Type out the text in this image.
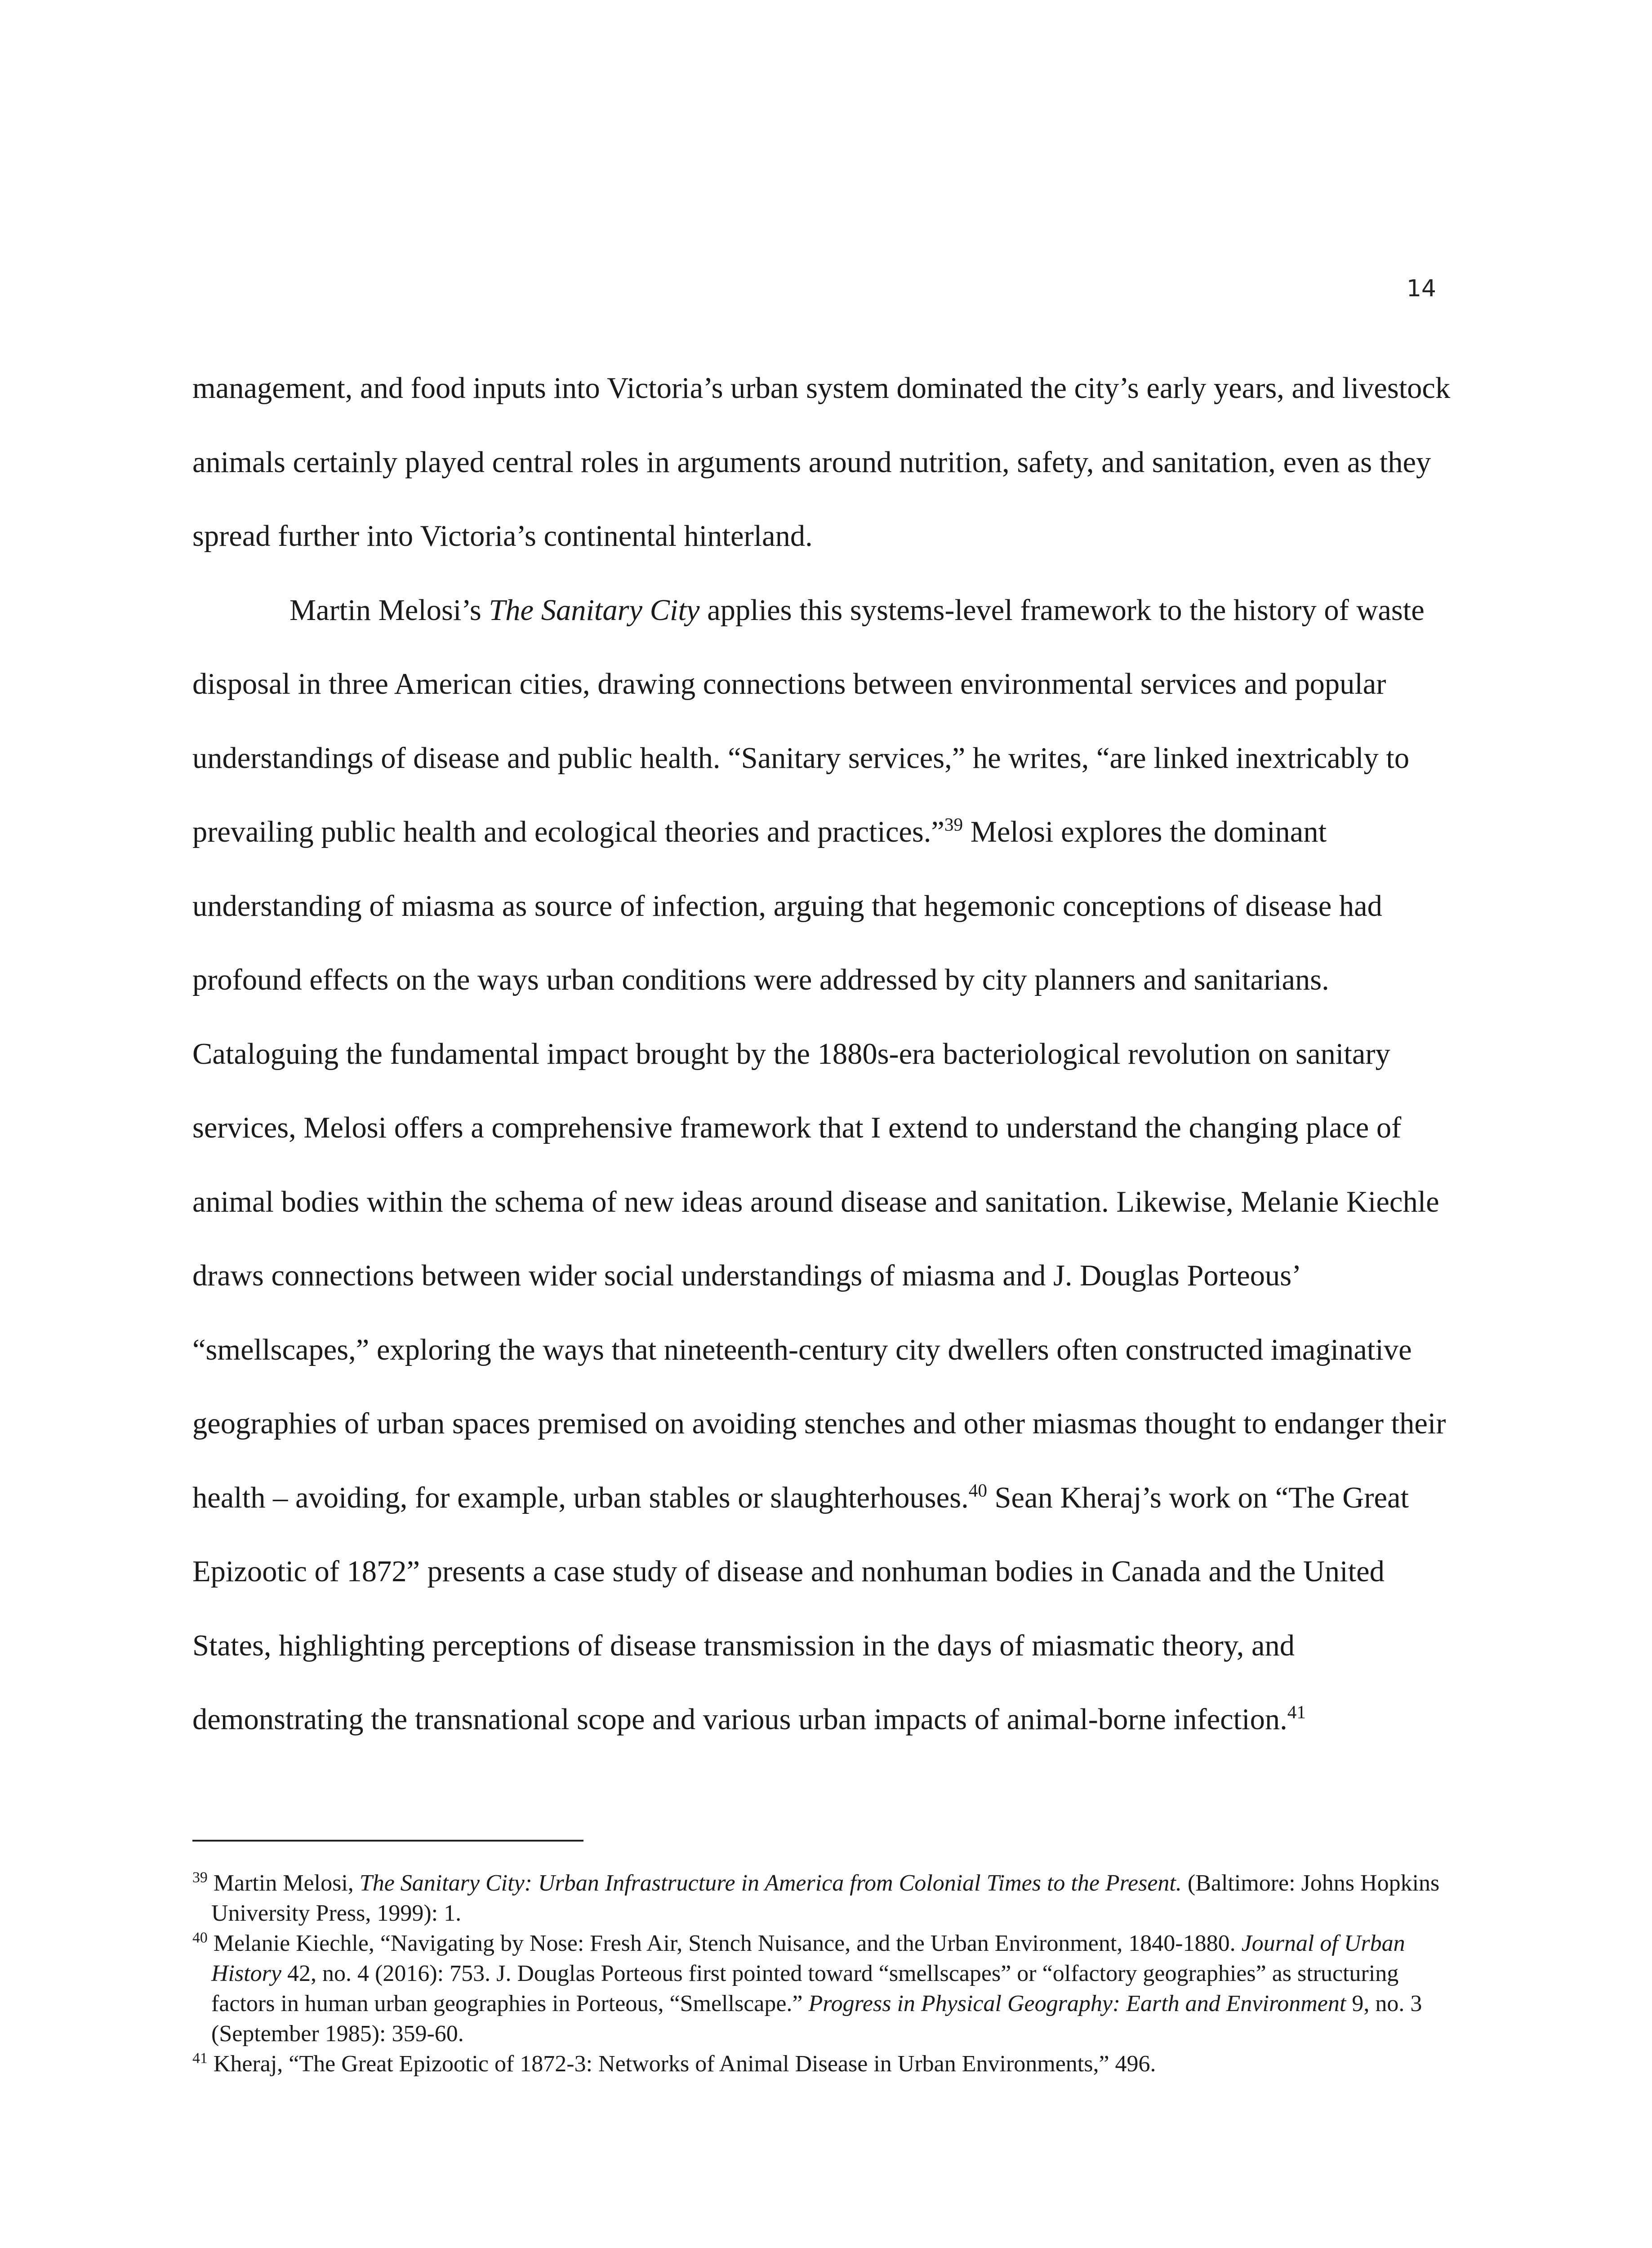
14

management, and food inputs into Victoria’s urban system dominated the city’s early years, and livestock animals certainly played central roles in arguments around nutrition, safety, and sanitation, even as they spread further into Victoria’s continental hinterland.

Martin Melosi’s The Sanitary City applies this systems-level framework to the history of waste disposal in three American cities, drawing connections between environmental services and popular understandings of disease and public health. “Sanitary services,” he writes, “are linked inextricably to prevailing public health and ecological theories and practices.”$^{39}$ Melosi explores the dominant understanding of miasma as source of infection, arguing that hegemonic conceptions of disease had profound effects on the ways urban conditions were addressed by city planners and sanitarians. Cataloguing the fundamental impact brought by the 1880s-era bacteriological revolution on sanitary services, Melosi offers a comprehensive framework that I extend to understand the changing place of animal bodies within the schema of new ideas around disease and sanitation. Likewise, Melanie Kiechle draws connections between wider social understandings of miasma and J. Douglas Porteous’ “smellscapes,” exploring the ways that nineteenth-century city dwellers often constructed imaginative geographies of urban spaces premised on avoiding stenches and other miasmas thought to endanger their health – avoiding, for example, urban stables or slaughterhouses.$^{40}$ Sean Kheraj’s work on “The Great Epizootic of 1872” presents a case study of disease and nonhuman bodies in Canada and the United States, highlighting perceptions of disease transmission in the days of miasmatic theory, and demonstrating the transnational scope and various urban impacts of animal-borne infection.$^{41}$

$^{39}$ Martin Melosi, The Sanitary City: Urban Infrastructure in America from Colonial Times to the Present. (Baltimore: Johns Hopkins University Press, 1999): 1.

$^{40}$ Melanie Kiechle, “Navigating by Nose: Fresh Air, Stench Nuisance, and the Urban Environment, 1840-1880. Journal of Urban History 42, no. 4 (2016): 753. J. Douglas Porteous first pointed toward “smellscapes” or “olfactory geographies” as structuring factors in human urban geographies in Porteous, “Smellscape.” Progress in Physical Geography: Earth and Environment 9, no. 3 (September 1985): 359-60.

$^{41}$ Kheraj, “The Great Epizootic of 1872-3: Networks of Animal Disease in Urban Environments,” 496.
